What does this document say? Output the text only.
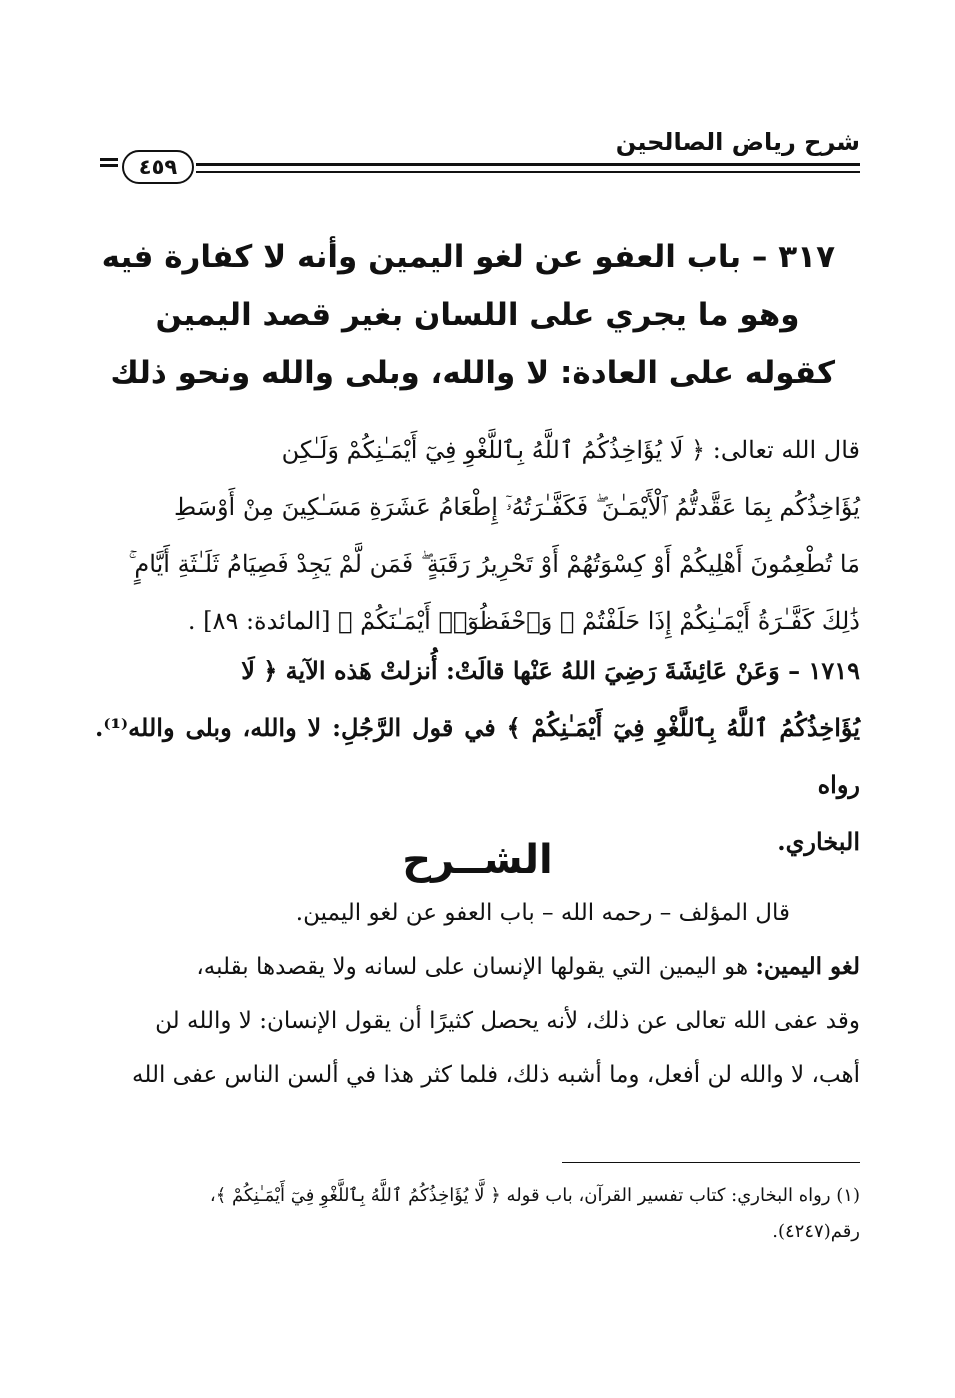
شرح رياض الصالحين
٤٥٩
٣١٧ – باب العفو عن لغو اليمين وأنه لا كفارة فيه
وهو ما يجري على اللسان بغير قصد اليمين
كقوله على العادة: لا والله، وبلى والله ونحو ذلك
قال الله تعالى: ﴿ لَا يُؤَاخِذُكُمُ ٱللَّهُ بِٱللَّغْوِ فِيٓ أَيْمَـٰنِكُمْ وَلَـٰكِن
يُؤَاخِذُكُم بِمَا عَقَّدتُّمُ ٱلْأَيْمَـٰنَ ۖ فَكَفَّـٰرَتُهُۥٓ إِطْعَامُ عَشَرَةِ مَسَـٰكِينَ مِنْ أَوْسَطِ
مَا تُطْعِمُونَ أَهْلِيكُمْ أَوْ كِسْوَتُهُمْ أَوْ تَحْرِيرُ رَقَبَةٍ ۖ فَمَن لَّمْ يَجِدْ فَصِيَامُ ثَلَـٰثَةِ أَيَّامٍ ۚ
ذَٰلِكَ كَفَّـٰرَةُ أَيْمَـٰنِكُمْ إِذَا حَلَفْتُمْ ۚ وَٱحْفَظُوٓا۟ أَيْمَـٰنَكُمْ ﴾ [المائدة: ٨٩] .
١٧١٩ – وَعَنْ عَائِشَةَ رَضِيَ اللهُ عَنْها قالَتْ: أُنزلتْ هَذه الآية ﴿ لَا
يُؤَاخِذُكُمُ ٱللَّهُ بِٱللَّغْوِ فِيٓ أَيْمَـٰنِكُمْ ﴾ في قول الرَّجُلِ: لا والله، وبلى والله⁽¹⁾. رواه
البخاري.
الشــرح

قال المؤلف – رحمه الله – باب العفو عن لغو اليمين.

لغو اليمين: هو اليمين التي يقولها الإنسان على لسانه ولا يقصدها بقلبه،

وقد عفى الله تعالى عن ذلك، لأنه يحصل كثيرًا أن يقول الإنسان: لا والله لن

أهب، لا والله لن أفعل، وما أشبه ذلك، فلما كثر هذا في ألسن الناس عفى الله

(١) رواه البخاري: كتاب تفسير القرآن، باب قوله ﴿ لَّا يُؤَاخِذُكُمُ ٱللَّهُ بِٱللَّغْوِ فِيٓ أَيْمَـٰنِكُمْ ﴾،
رقم(٤٢٤٧).
